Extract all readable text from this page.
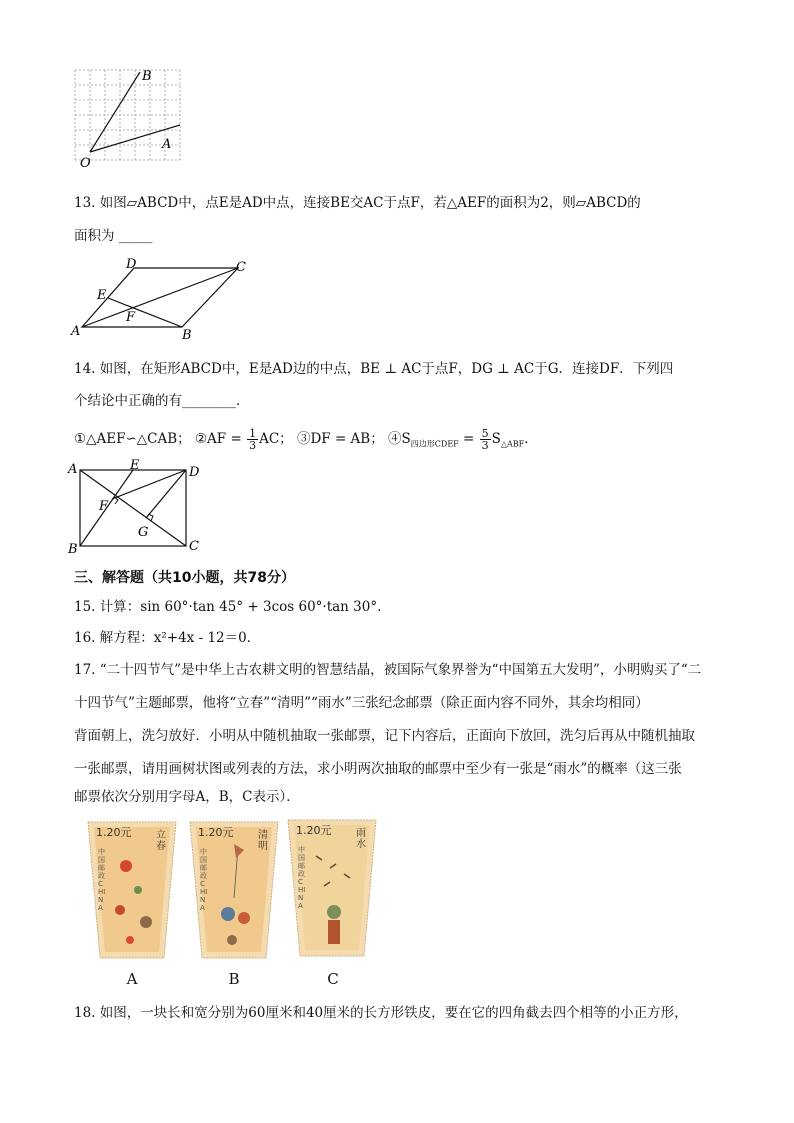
B
A
O
13. 如图▱ABCD中，点E是AD中点，连接BE交AC于点F，若△AEF的面积为2，则▱ABCD的
面积为 _____
D	C
E
F
A	B
14. 如图，在矩形ABCD中，E是AD边的中点，BE ⊥ AC于点F，DG ⊥ AC于G．连接DF．下列四
个结论中正确的有________．
①△AEF∽△CAB； ②AF = $\frac{1}{3}$ AC； ③DF = AB； $④S_{四边形CDEF} = \frac{5}{3} S_{\triangle ABF}$．
A	E	D
F
G
B	C
三、解答题（共10小题，共78分）
15. 计算：sin 60°·tan 45° + 3cos 60°·tan 30°．
16. 解方程：x²+4x - 12＝0．
17. “二十四节气”是中华上古农耕文明的智慧结晶，被国际气象界誉为“中国第五大发明”，小明购买了“二
十四节气”主题邮票，他将“立春”“清明”“雨水”三张纪念邮票（除正面内容不同外，其余均相同）
背面朝上，洗匀放好．小明从中随机抽取一张邮票，记下内容后，正面向下放回，洗匀后再从中随机抽取
一张邮票，请用画树状图或列表的方法，求小明两次抽取的邮票中至少有一张是“雨水”的概率（这三张
邮票依次分别用字母A，B，C表示）．
1.20元 立春
中国邮政 CHINA
A
1.20元 清明
中国邮政 CHINA
B
1.20元 雨水
中国邮政 CHINA
C
18. 如图，一块长和宽分别为60厘米和40厘米的长方形铁皮，要在它的四角截去四个相等的小正方形，
